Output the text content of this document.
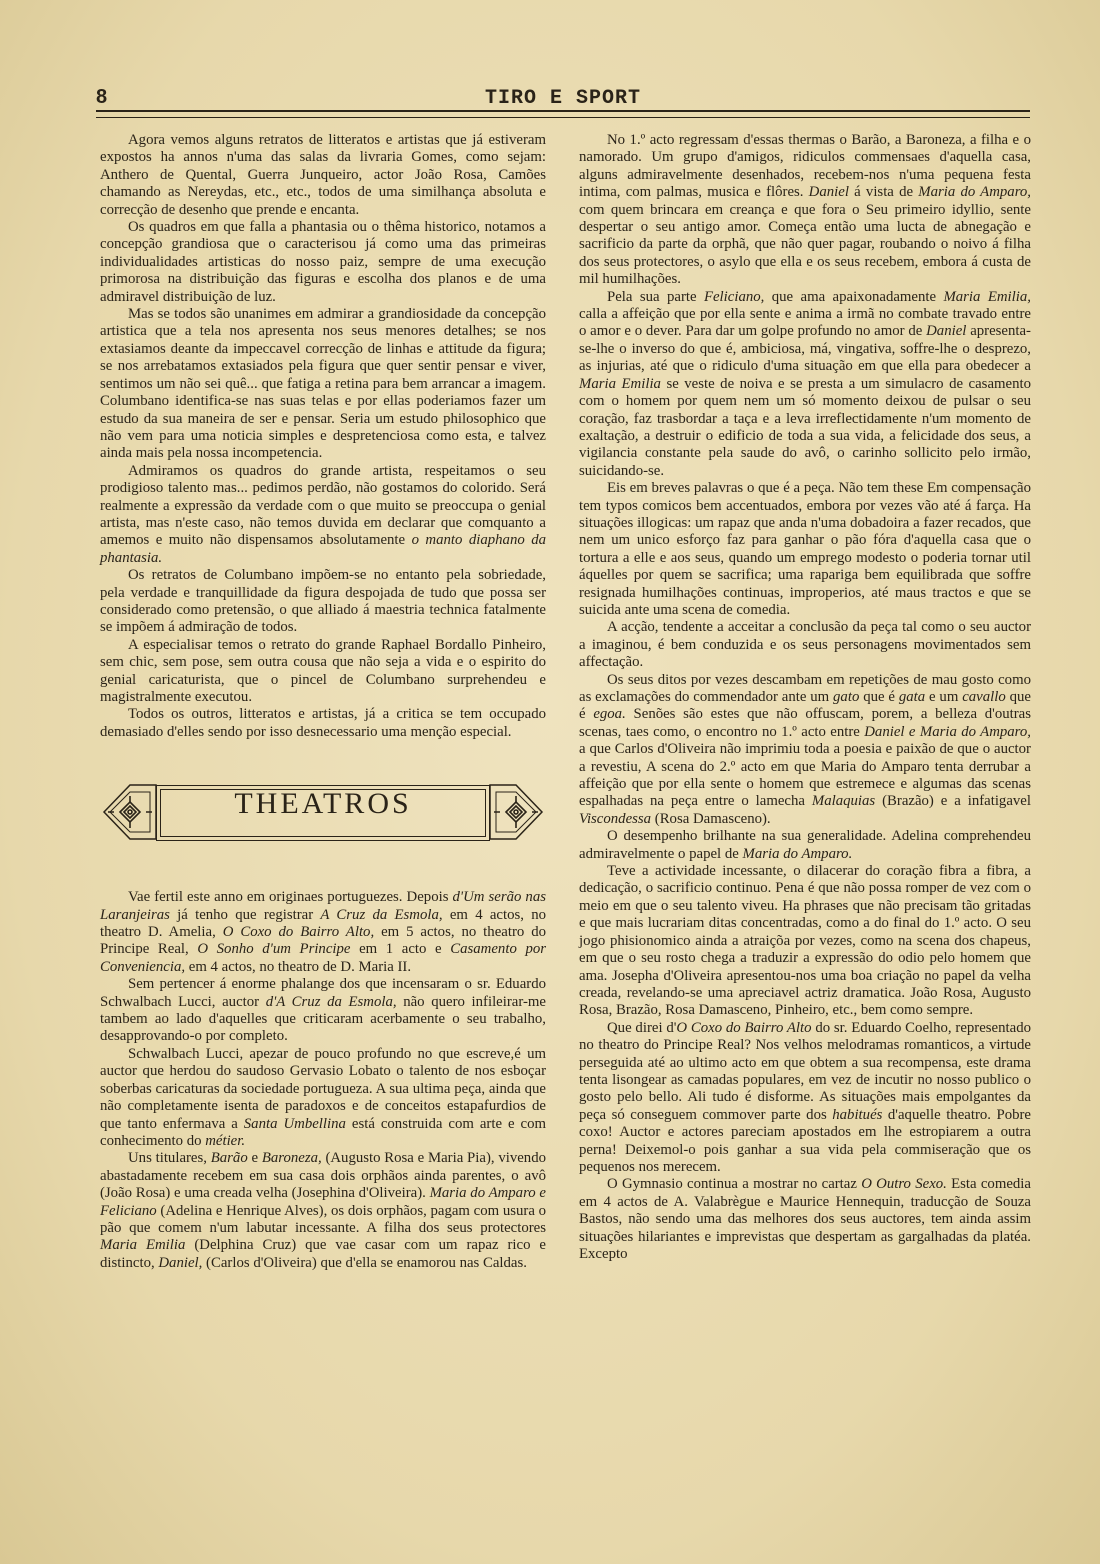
8	TIRO E SPORT

Agora vemos alguns retratos de litteratos e artistas que já estiveram expostos ha annos n'uma das salas da livraria Gomes, como sejam: Anthero de Quental, Guerra Junqueiro, actor João Rosa, Camões chamando as Nereydas, etc., etc., todos de uma similhança absoluta e correcção de desenho que prende e encanta.

Os quadros em que falla a phantasia ou o thêma historico, notamos a concepção grandiosa que o caracterisou já como uma das primeiras individualidades artisticas do nosso paiz, sempre de uma execução primorosa na distribuição das figuras e escolha dos planos e de uma admiravel distribuição de luz.

Mas se todos são unanimes em admirar a grandiosidade da concepção artistica que a tela nos apresenta nos seus menores detalhes; se nos extasiamos deante da impeccavel correcção de linhas e attitude da figura; se nos arrebatamos extasiados pela figura que quer sentir pensar e viver, sentimos um não sei quê... que fatiga a retina para bem arrancar a imagem. Columbano identifica-se nas suas telas e por ellas poderiamos fazer um estudo da sua maneira de ser e pensar. Seria um estudo philosophico que não vem para uma noticia simples e despretenciosa como esta, e talvez ainda mais pela nossa incompetencia.

Admiramos os quadros do grande artista, respeitamos o seu prodigioso talento mas... pedimos perdão, não gostamos do colorido. Será realmente a expressão da verdade com o que muito se preoccupa o genial artista, mas n'este caso, não temos duvida em declarar que comquanto a amemos e muito não dispensamos absolutamente o manto diaphano da phantasia.

Os retratos de Columbano impõem-se no entanto pela sobriedade, pela verdade e tranquillidade da figura despojada de tudo que possa ser considerado como pretensão, o que alliado á maestria technica fatalmente se impõem á admiração de todos.

A especialisar temos o retrato do grande Raphael Bordallo Pinheiro, sem chic, sem pose, sem outra cousa que não seja a vida e o espirito do genial caricaturista, que o pincel de Columbano surprehendeu e magistralmente executou.

Todos os outros, litteratos e artistas, já a critica se tem occupado demasiado d'elles sendo por isso desnecessario uma menção especial.

THEATROS

Vae fertil este anno em originaes portuguezes. Depois d'Um serão nas Laranjeiras já tenho que registrar A Cruz da Esmola, em 4 actos, no theatro D. Amelia, O Coxo do Bairro Alto, em 5 actos, no theatro do Principe Real, O Sonho d'um Principe em 1 acto e Casamento por Conveniencia, em 4 actos, no theatro de D. Maria II.

Sem pertencer á enorme phalange dos que incensaram o sr. Eduardo Schwalbach Lucci, auctor d'A Cruz da Esmola, não quero infileirar-me tambem ao lado d'aquelles que criticaram acerbamente o seu trabalho, desapprovando-o por completo.

Schwalbach Lucci, apezar de pouco profundo no que escreve,é um auctor que herdou do saudoso Gervasio Lobato o talento de nos esboçar soberbas caricaturas da sociedade portugueza. A sua ultima peça, ainda que não completamente isenta de paradoxos e de conceitos estapafurdios de que tanto enfermava a Santa Umbellina está construida com arte e com conhecimento do métier.

Uns titulares, Barão e Baroneza, (Augusto Rosa e Maria Pia), vivendo abastadamente recebem em sua casa dois orphãos ainda parentes, o avô (João Rosa) e uma creada velha (Josephina d'Oliveira). Maria do Amparo e Feliciano (Adelina e Henrique Alves), os dois orphãos, pagam com usura o pão que comem n'um labutar incessante. A filha dos seus protectores Maria Emilia (Delphina Cruz) que vae casar com um rapaz rico e distincto, Daniel, (Carlos d'Oliveira) que d'ella se enamorou nas Caldas.

No 1.º acto regressam d'essas thermas o Barão, a Baroneza, a filha e o namorado. Um grupo d'amigos, ridiculos commensaes d'aquella casa, alguns admiravelmente desenhados, recebem-nos n'uma pequena festa intima, com palmas, musica e flôres. Daniel á vista de Maria do Amparo, com quem brincara em creança e que fora o Seu primeiro idyllio, sente despertar o seu antigo amor. Começa então uma lucta de abnegação e sacrificio da parte da orphã, que não quer pagar, roubando o noivo á filha dos seus protectores, o asylo que ella e os seus recebem, embora á custa de mil humilhações.

Pela sua parte Feliciano, que ama apaixonadamente Maria Emilia, calla a affeição que por ella sente e anima a irmã no combate travado entre o amor e o dever. Para dar um golpe profundo no amor de Daniel apresenta-se-lhe o inverso do que é, ambiciosa, má, vingativa, soffre-lhe o desprezo, as injurias, até que o ridiculo d'uma situação em que ella para obedecer a Maria Emilia se veste de noiva e se presta a um simulacro de casamento com o homem por quem nem um só momento deixou de pulsar o seu coração, faz trasbordar a taça e a leva irreflectidamente n'um momento de exaltação, a destruir o edificio de toda a sua vida, a felicidade dos seus, a vigilancia constante pela saude do avô, o carinho sollicito pelo irmão, suicidando-se.

Eis em breves palavras o que é a peça. Não tem these Em compensação tem typos comicos bem accentuados, embora por vezes vão até á farça. Ha situações illogicas: um rapaz que anda n'uma dobadoira a fazer recados, que nem um unico esforço faz para ganhar o pão fóra d'aquella casa que o tortura a elle e aos seus, quando um emprego modesto o poderia tornar util áquelles por quem se sacrifica; uma rapariga bem equilibrada que soffre resignada humilhações continuas, improperios, até maus tractos e que se suicida ante uma scena de comedia.

A acção, tendente a acceitar a conclusão da peça tal como o seu auctor a imaginou, é bem conduzida e os seus personagens movimentados sem affectação.

Os seus ditos por vezes descambam em repetições de mau gosto como as exclamações do commendador ante um gato que é gata e um cavallo que é egoa. Senões são estes que não offuscam, porem, a belleza d'outras scenas, taes como, o encontro no 1.º acto entre Daniel e Maria do Amparo, a que Carlos d'Oliveira não imprimiu toda a poesia e paixão de que o auctor a revestiu, A scena do 2.º acto em que Maria do Amparo tenta derrubar a affeição que por ella sente o homem que estremece e algumas das scenas espalhadas na peça entre o lamecha Malaquias (Brazão) e a infatigavel Viscondessa (Rosa Damasceno).

O desempenho brilhante na sua generalidade. Adelina comprehendeu admiravelmente o papel de Maria do Amparo.

Teve a actividade incessante, o dilacerar do coração fibra a fibra, a dedicação, o sacrificio continuo. Pena é que não possa romper de vez com o meio em que o seu talento viveu. Ha phrases que não precisam tão gritadas e que mais lucrariam ditas concentradas, como a do final do 1.º acto. O seu jogo phisionomico ainda a atraiçõa por vezes, como na scena dos chapeus, em que o seu rosto chega a traduzir a expressão do odio pelo homem que ama. Josepha d'Oliveira apresentou-nos uma boa criação no papel da velha creada, revelando-se uma apreciavel actriz dramatica. João Rosa, Augusto Rosa, Brazão, Rosa Damasceno, Pinheiro, etc., bem como sempre.

Que direi d'O Coxo do Bairro Alto do sr. Eduardo Coelho, representado no theatro do Principe Real? Nos velhos melodramas romanticos, a virtude perseguida até ao ultimo acto em que obtem a sua recompensa, este drama tenta lisongear as camadas populares, em vez de incutir no nosso publico o gosto pelo bello. Ali tudo é disforme. As situações mais empolgantes da peça só conseguem commover parte dos habitués d'aquelle theatro. Pobre coxo! Auctor e actores pareciam apostados em lhe estropiarem a outra perna! Deixemol-o pois ganhar a sua vida pela commiseração que os pequenos nos merecem.

O Gymnasio continua a mostrar no cartaz O Outro Sexo. Esta comedia em 4 actos de A. Valabrègue e Maurice Hennequin, traducção de Souza Bastos, não sendo uma das melhores dos seus auctores, tem ainda assim situações hilariantes e imprevistas que despertam as gargalhadas da platéa. Excepto
